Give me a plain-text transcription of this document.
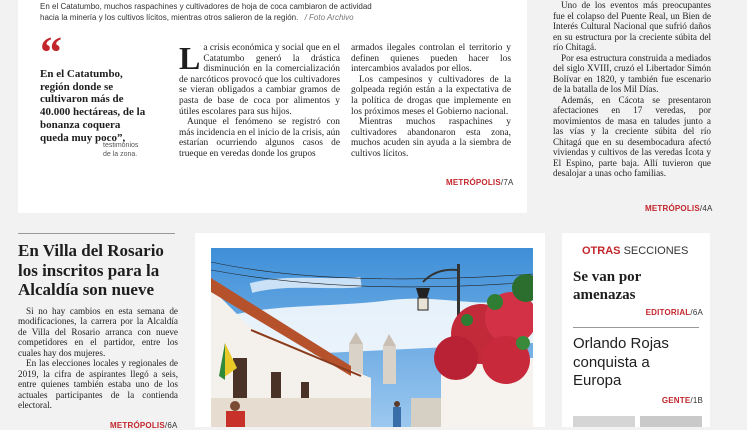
En el Catatumbo, muchos raspachines y cultivadores de hoja de coca cambiaron de actividad
hacia la minería y los cultivos lícitos, mientras otros salieron de la región. / Foto Archivo
“
En el Catatumbo, región donde se cultivaron más de 40.000 hectáreas, de la bonanza coquera queda muy poco”,
testimonios de la zona.
L a crisis económica y social que en el Catatumbo generó la drástica disminución en la comercialización de narcóticos provocó que los cultivadores se vieran obligados a cambiar gramos de pasta de base de coca por alimentos y útiles escolares para sus hijos.

Aunque el fenómeno se registró con más incidencia en el inicio de la crisis, aún estarían ocurriendo algunos casos de trueque en veredas donde los grupos

armados ilegales controlan el territorio y definen quienes pueden hacer los intercambios avalados por ellos.

Los campesinos y cultivadores de la golpeada región están a la expectativa de la política de drogas que implemente en los próximos meses el Gobierno nacional.

Mientras muchos raspachines y cultivadores abandonaron esta zona, muchos acuden sin ayuda a la siembra de cultivos lícitos.

METRÓPOLIS/7A

Uno de los eventos más preocupantes fue el colapso del Puente Real, un Bien de Interés Cultural Nacional que sufrió daños en su estructura por la creciente súbita del río Chitagá.

Por esa estructura construida a mediados del siglo XVIII, cruzó el Libertador Simón Bolívar en 1820, y también fue escenario de la batalla de los Mil Días.

Además, en Cácota se presentaron afectaciones en 17 veredas, por movimientos de masa en taludes junto a las vías y la creciente súbita del río Chitagá que en su desembocadura afectó viviendas y cultivos de las veredas Icota y El Espino, parte baja. Allí tuvieron que desalojar a unas ocho familias.

METRÓPOLIS/4A
En Villa del Rosario los inscritos para la Alcaldía son nueve

Si no hay cambios en esta semana de modificaciones, la carrera por la Alcaldía de Villa del Rosario arranca con nueve competidores en el partidor, entre los cuales hay dos mujeres.

En las elecciones locales y regionales de 2019, la cifra de aspirantes llegó a seis, entre quienes también estaba uno de los actuales participantes de la contienda electoral.

METRÓPOLIS/6A
OTRAS SECCIONES
Se van por amenazas
EDITORIAL/6A
Orlando Rojas conquista a Europa
GENTE/1B
